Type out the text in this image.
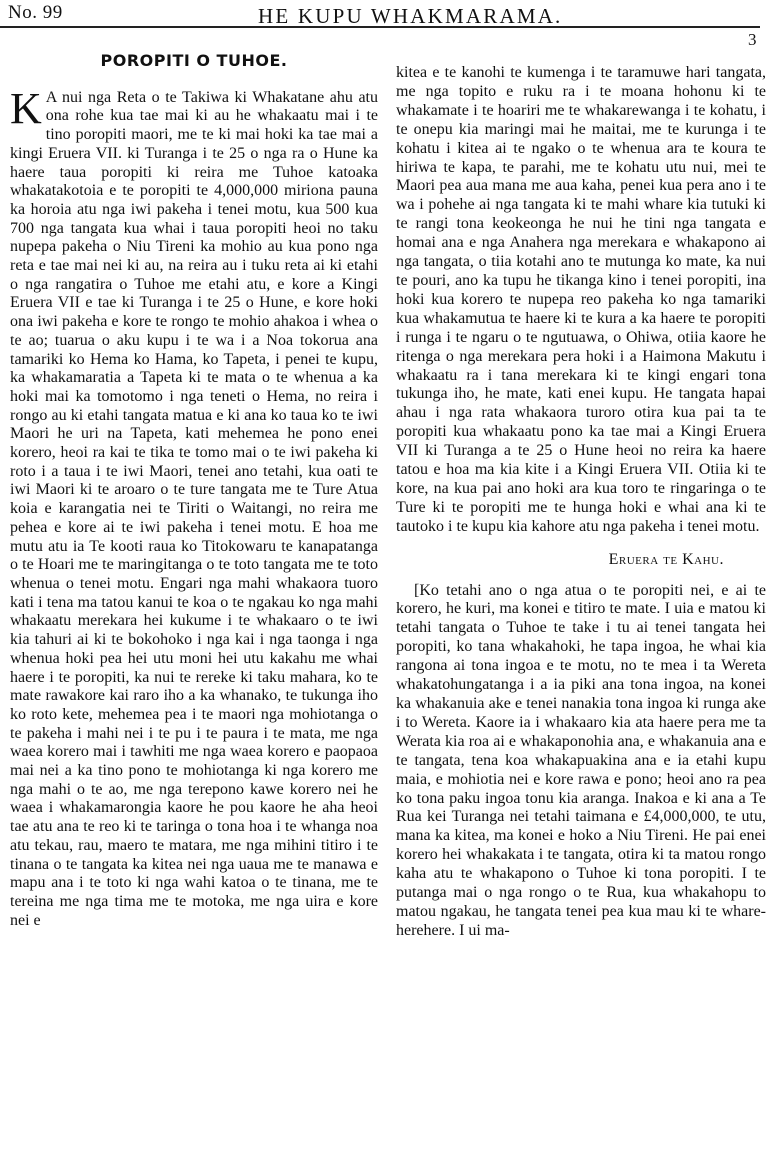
No. 99	HE KUPU WHAKMARAMA.
3
POROPITI O TUHOE.

K A nui nga Reta o te Takiwa ki Whakatane ahu atu ona rohe kua tae mai ki au he whakaatu mai i te tino poropiti maori, me te ki mai hoki ka tae mai a kingi Eruera VII. ki Turanga i te 25 o nga ra o Hune ka haere taua poropiti ki reira me Tuhoe katoaka whakatakotoia e te poropiti te 4,000,000 miriona pauna ka horoia atu nga iwi pakeha i tenei motu, kua 500 kua 700 nga tangata kua whai i taua poropiti heoi no taku nupepa pakeha o Niu Tireni ka mohio au kua pono nga reta e tae mai nei ki au, na reira au i tuku reta ai ki etahi o nga rangatira o Tuhoe me etahi atu, e kore a Kingi Eruera VII e tae ki Turanga i te 25 o Hune, e kore hoki ona iwi pakeha e kore te rongo te mohio ahakoa i whea o te ao; tuarua o aku kupu i te wa i a Noa tokorua ana tamariki ko Hema ko Hama, ko Tapeta, i penei te kupu, ka whakamaratia a Tapeta ki te mata o te whenua a ka hoki mai ka tomotomo i nga teneti o Hema, no reira i rongo au ki etahi tangata matua e ki ana ko taua ko te iwi Maori he uri na Tapeta, kati mehemea he pono enei korero, heoi ra kai te tika te tomo mai o te iwi pakeha ki roto i a taua i te iwi Maori, tenei ano tetahi, kua oati te iwi Maori ki te aroaro o te ture tangata me te Ture Atua koia e karangatia nei te Tiriti o Waitangi, no reira me pehea e kore ai te iwi pakeha i tenei motu. E hoa me mutu atu ia Te kooti raua ko Titokowaru te kanapatanga o te Hoari me te maringitanga o te toto tangata me te toto whenua o tenei motu. Engari nga mahi whakaora tuoro kati i tena ma tatou kanui te koa o te ngakau ko nga mahi whakaatu merekara hei kukume i te whakaaro o te iwi kia tahuri ai ki te bokohoko i nga kai i nga taonga i nga whenua hoki pea hei utu moni hei utu kakahu me whai haere i te poropiti, ka nui te rereke ki taku mahara, ko te mate rawakore kai raro iho a ka whanako, te tukunga iho ko roto kete, mehemea pea i te maori nga mohiotanga o te pakeha i mahi nei i te pu i te paura i te mata, me nga waea korero mai i tawhiti me nga waea korero e paopaoa mai nei a ka tino pono te mohiotanga ki nga korero me nga mahi o te ao, me nga terepono kawe korero nei he waea i whakamarongia kaore he pou kaore he aha heoi tae atu ana te reo ki te taringa o tona hoa i te whanga noa atu tekau, rau, maero te matara, me nga mihini titiro i te tinana o te tangata ka kitea nei nga uaua me te manawa e mapu ana i te toto ki nga wahi katoa o te tinana, me te tereina me nga tima me te motoka, me nga uira e kore nei e

kitea e te kanohi te kumenga i te taramuwe hari tangata, me nga topito e ruku ra i te moana hohonu ki te whakamate i te hoariri me te whakarewanga i te kohatu, i te onepu kia maringi mai he maitai, me te kurunga i te kohatu i kitea ai te ngako o te whenua ara te koura te hiriwa te kapa, te parahi, me te kohatu utu nui, mei te Maori pea aua mana me aua kaha, penei kua pera ano i te wa i pohehe ai nga tangata ki te mahi whare kia tutuki ki te rangi tona keokeonga he nui he tini nga tangata e homai ana e nga Anahera nga merekara e whakapono ai nga tangata, o tiia kotahi ano te mutunga ko mate, ka nui te pouri, ano ka tupu he tikanga kino i tenei poropiti, ina hoki kua korero te nupepa reo pakeha ko nga tamariki kua whakamutua te haere ki te kura a ka haere te poropiti i runga i te ngaru o te ngutuawa, o Ohiwa, otiia kaore he ritenga o nga merekara pera hoki i a Haimona Makutu i whakaatu ra i tana merekara ki te kingi engari tona tukunga iho, he mate, kati enei kupu. He tangata hapai ahau i nga rata whakaora turoro otira kua pai ta te poropiti kua whakaatu pono ka tae mai a Kingi Eruera VII ki Turanga a te 25 o Hune heoi no reira ka haere tatou e hoa ma kia kite i a Kingi Eruera VII. Otiia ki te kore, na kua pai ano hoki ara kua toro te ringaringa o te Ture ki te poropiti me te hunga hoki e whai ana ki te tautoko i te kupu kia kahore atu nga pakeha i tenei motu.

Eruera te Kahu.

[Ko tetahi ano o nga atua o te poropiti nei, e ai te korero, he kuri, ma konei e titiro te mate. I uia e matou ki tetahi tangata o Tuhoe te take i tu ai tenei tangata hei poropiti, ko tana whakahoki, he tapa ingoa, he whai kia rangona ai tona ingoa e te motu, no te mea i ta Wereta whakatohungatanga i a ia piki ana tona ingoa, na konei ka whakanuia ake e tenei nanakia tona ingoa ki runga ake i to Wereta. Kaore ia i whakaaro kia ata haere pera me ta Werata kia roa ai e whakaponohia ana, e whakanuia ana e te tangata, tena koa whakapuakina ana e ia etahi kupu maia, e mohiotia nei e kore rawa e pono; heoi ano ra pea ko tona paku ingoa tonu kia aranga. Inakoa e ki ana a Te Rua kei Turanga nei tetahi taimana e £4,000,000, te utu, mana ka kitea, ma konei e hoko a Niu Tireni. He pai enei korero hei whakakata i te tangata, otira ki ta matou rongo kaha atu te whakapono o Tuhoe ki tona poropiti. I te putanga mai o nga rongo o te Rua, kua whakahopu to matou ngakau, he tangata tenei pea kua mau ki te whare-herehere. I ui ma-
